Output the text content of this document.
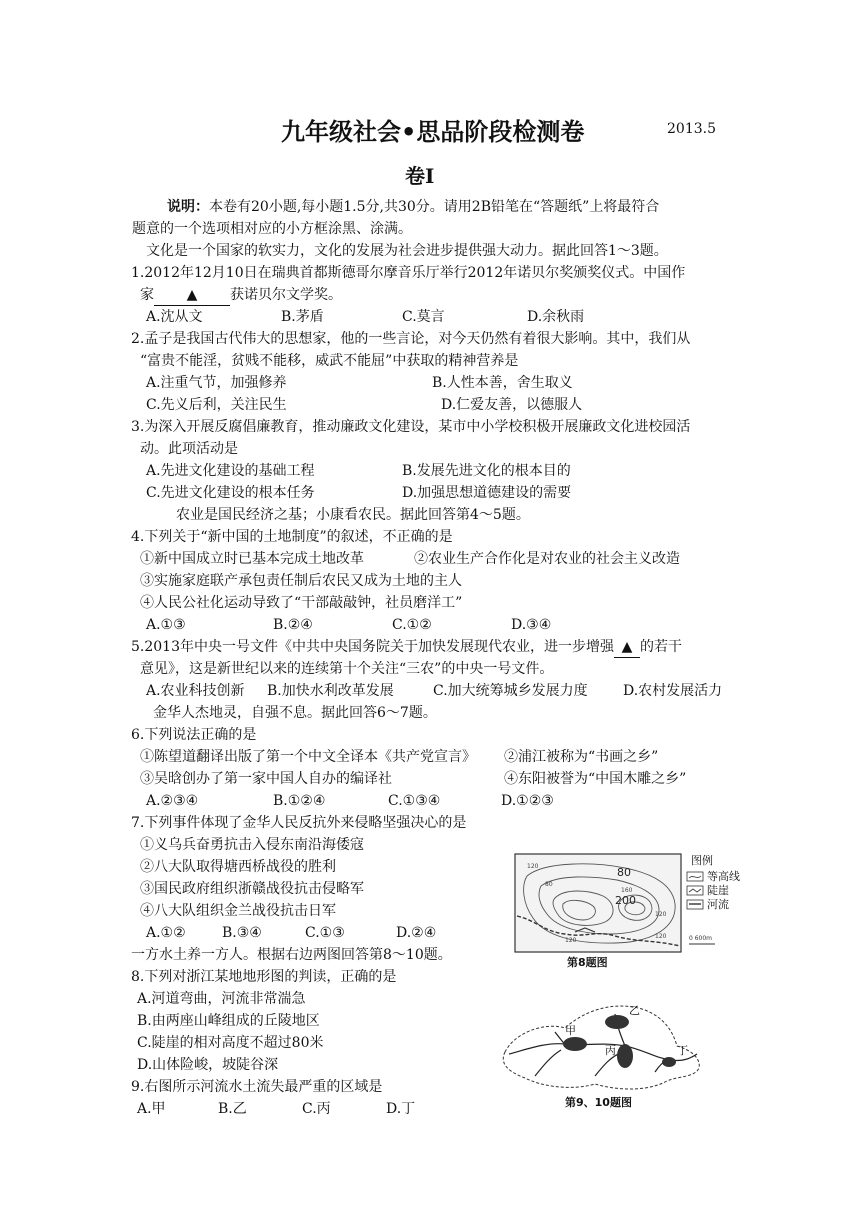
九年级社会•思品阶段检测卷	2013.5
卷I
说明：本卷有20小题,每小题1.5分,共30分。请用2B铅笔在“答题纸”上将最符合
题意的一个选项相对应的小方框涂黑、涂满。
文化是一个国家的软实力，文化的发展为社会进步提供强大动力。据此回答1～3题。
1.2012年12月10日在瑞典首都斯德哥尔摩音乐厅举行2012年诺贝尔奖颁奖仪式。中国作
家 ▲ 获诺贝尔文学奖。
A.沈从文	B.茅盾	C.莫言	D.余秋雨
2.孟子是我国古代伟大的思想家，他的一些言论，对今天仍然有着很大影响。其中，我们从
“富贵不能淫，贫贱不能移，威武不能屈”中获取的精神营养是
A.注重气节，加强修养	B.人性本善，舍生取义
C.先义后利，关注民生	D.仁爱友善，以德服人
3.为深入开展反腐倡廉教育，推动廉政文化建设，某市中小学校积极开展廉政文化进校园活
动。此项活动是
A.先进文化建设的基础工程	B.发展先进文化的根本目的
C.先进文化建设的根本任务	D.加强思想道德建设的需要
农业是国民经济之基；小康看农民。据此回答第4～5题。
4.下列关于“新中国的土地制度”的叙述，不正确的是
①新中国成立时已基本完成土地改革	②农业生产合作化是对农业的社会主义改造
③实施家庭联产承包责任制后农民又成为土地的主人
④人民公社化运动导致了“干部敲敲钟，社员磨洋工”
A.①③	B.②④	C.①②	D.③④
5.2013年中央一号文件《中共中央国务院关于加快发展现代农业，进一步增强 ▲ 的若干
意见》，这是新世纪以来的连续第十个关注“三农”的中央一号文件。
A.农业科技创新 B.加快水利改革发展	C.加大统筹城乡发展力度	D.农村发展活力
金华人杰地灵，自强不息。据此回答6～7题。
6.下列说法正确的是
①陈望道翻译出版了第一个中文全译本《共产党宣言》 ②浦江被称为“书画之乡”
③吴晗创办了第一家中国人自办的编译社	④东阳被誉为“中国木雕之乡”
A.②③④	B.①②④	C.①③④	D.①②③
7.下列事件体现了金华人民反抗外来侵略坚强决心的是
①义乌兵奋勇抗击入侵东南沿海倭寇
②八大队取得塘西桥战役的胜利
③国民政府组织浙赣战役抗击侵略军
④八大队组织金兰战役抗击日军
A.①②	B.③④	C.①③	D.②④
一方水土养一方人。根据右边两图回答第8～10题。
8.下列对浙江某地地形图的判读，正确的是
A.河道弯曲，河流非常湍急
B.由两座山峰组成的丘陵地区
C.陡崖的相对高度不超过80米
D.山体险峻，坡陡谷深
9.右图所示河流水土流失最严重的区域是
A.甲	B.乙	C.丙	D.丁
80
200
120
80
160
120
120
120
图例
等高线
陡崖
河流
0 600m
第8题图
甲
乙
丙	丁
第9、10题图
